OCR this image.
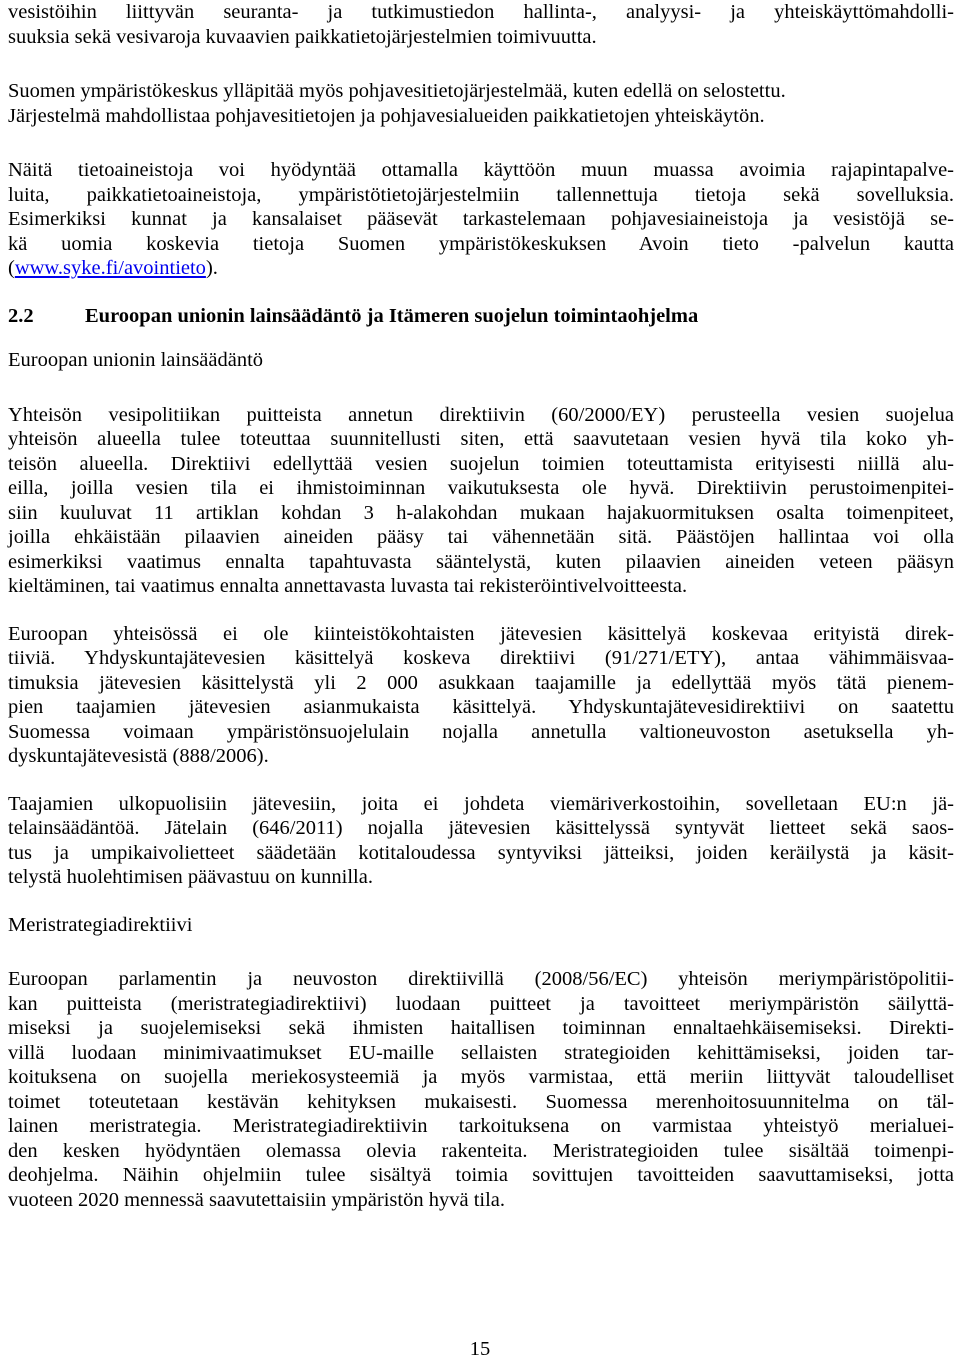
vesistöihin liittyvän seuranta- ja tutkimustiedon hallinta-, analyysi- ja yhteiskäyttömahdolli-
suuksia sekä vesivaroja kuvaavien paikkatietojärjestelmien toimivuutta.
Suomen ympäristökeskus ylläpitää myös pohjavesitietojärjestelmää, kuten edellä on selostettu.
Järjestelmä mahdollistaa pohjavesitietojen ja pohjavesialueiden paikkatietojen yhteiskäytön.
Näitä tietoaineistoja voi hyödyntää ottamalla käyttöön muun muassa avoimia rajapintapalve-
luita, paikkatietoaineistoja, ympäristötietojärjestelmiin tallennettuja tietoja sekä sovelluksia.
Esimerkiksi kunnat ja kansalaiset pääsevät tarkastelemaan pohjavesiaineistoja ja vesistöjä se-
kä uomia koskevia tietoja Suomen ympäristökeskuksen Avoin tieto -palvelun kautta
(www.syke.fi/avointieto).
2.2	Euroopan unionin lainsäädäntö ja Itämeren suojelun toimintaohjelma
Euroopan unionin lainsäädäntö
Yhteisön vesipolitiikan puitteista annetun direktiivin (60/2000/EY) perusteella vesien suojelua
yhteisön alueella tulee toteuttaa suunnitellusti siten, että saavutetaan vesien hyvä tila koko yh-
teisön alueella. Direktiivi edellyttää vesien suojelun toimien toteuttamista erityisesti niillä alu-
eilla, joilla vesien tila ei ihmistoiminnan vaikutuksesta ole hyvä. Direktiivin perustoimenpitei-
siin kuuluvat 11 artiklan kohdan 3 h-alakohdan mukaan hajakuormituksen osalta toimenpiteet,
joilla ehkäistään pilaavien aineiden pääsy tai vähennetään sitä. Päästöjen hallintaa voi olla
esimerkiksi vaatimus ennalta tapahtuvasta sääntelystä, kuten pilaavien aineiden veteen pääsyn
kieltäminen, tai vaatimus ennalta annettavasta luvasta tai rekisteröintivelvoitteesta.
Euroopan yhteisössä ei ole kiinteistökohtaisten jätevesien käsittelyä koskevaa erityistä direk-
tiiviä. Yhdyskuntajätevesien käsittelyä koskeva direktiivi (91/271/ETY), antaa vähimmäisvaa-
timuksia jätevesien käsittelystä yli 2 000 asukkaan taajamille ja edellyttää myös tätä pienem-
pien taajamien jätevesien asianmukaista käsittelyä. Yhdyskuntajätevesidirektiivi on saatettu
Suomessa voimaan ympäristönsuojelulain nojalla annetulla valtioneuvoston asetuksella yh-
dyskuntajätevesistä (888/2006).
Taajamien ulkopuolisiin jätevesiin, joita ei johdeta viemäriverkostoihin, sovelletaan EU:n jä-
telainsäädäntöä. Jätelain (646/2011) nojalla jätevesien käsittelyssä syntyvät lietteet sekä saos-
tus ja umpikaivolietteet säädetään kotitaloudessa syntyviksi jätteiksi, joiden keräilystä ja käsit-
telystä huolehtimisen päävastuu on kunnilla.
Meristrategiadirektiivi
Euroopan parlamentin ja neuvoston direktiivillä (2008/56/EC) yhteisön meriympäristöpolitii-
kan puitteista (meristrategiadirektiivi) luodaan puitteet ja tavoitteet meriympäristön säilyttä-
miseksi ja suojelemiseksi sekä ihmisten haitallisen toiminnan ennaltaehkäisemiseksi. Direkti-
villä luodaan minimivaatimukset EU-maille sellaisten strategioiden kehittämiseksi, joiden tar-
koituksena on suojella meriekosysteemiä ja myös varmistaa, että meriin liittyvät taloudelliset
toimet toteutetaan kestävän kehityksen mukaisesti. Suomessa merenhoitosuunnitelma on täl-
lainen meristrategia. Meristrategiadirektiivin tarkoituksena on varmistaa yhteistyö merialuei-
den kesken hyödyntäen olemassa olevia rakenteita. Meristrategioiden tulee sisältää toimenpi-
deohjelma. Näihin ohjelmiin tulee sisältyä toimia sovittujen tavoitteiden saavuttamiseksi, jotta
vuoteen 2020 mennessä saavutettaisiin ympäristön hyvä tila.
15
